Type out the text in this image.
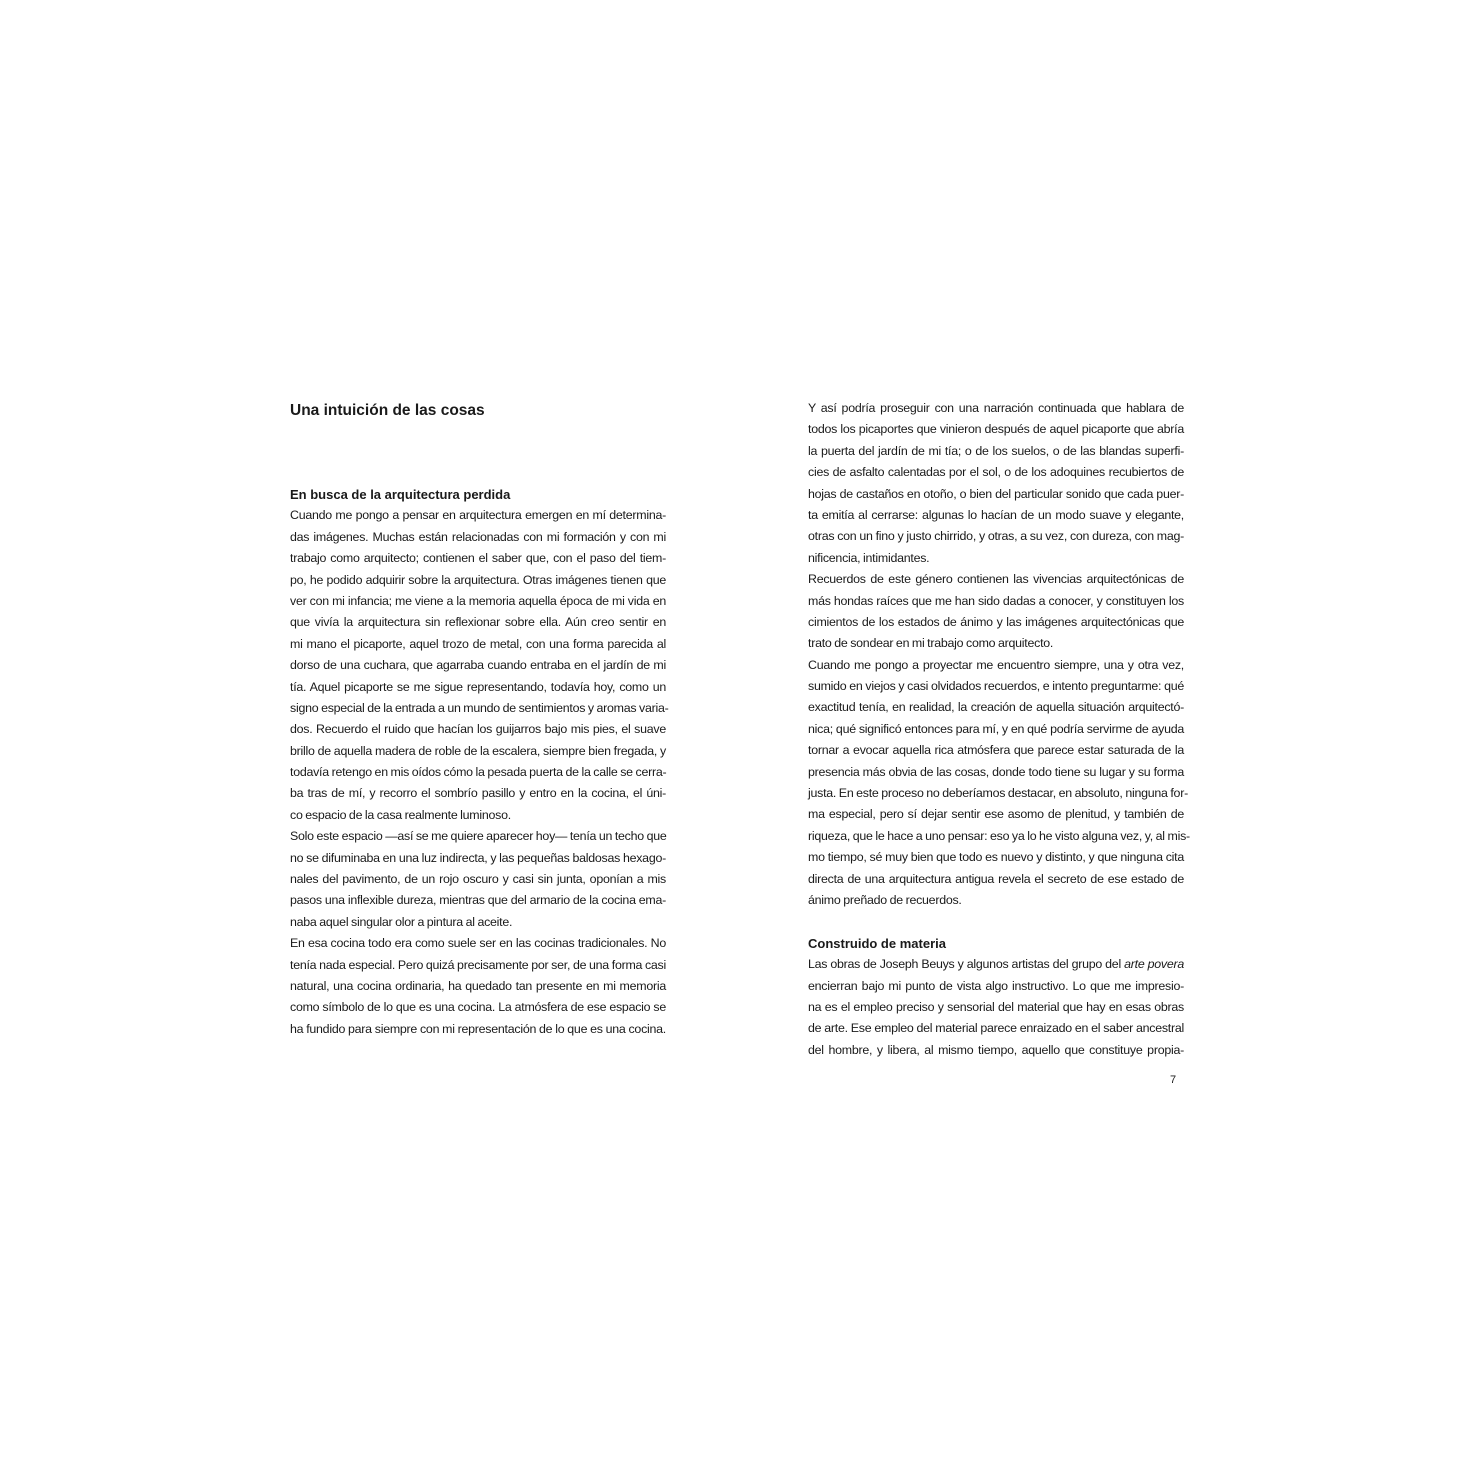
Una intuición de las cosas
En busca de la arquitectura perdida
Cuando me pongo a pensar en arquitectura emergen en mí determina-
das imágenes. Muchas están relacionadas con mi formación y con mi
trabajo como arquitecto; contienen el saber que, con el paso del tiem-
po, he podido adquirir sobre la arquitectura. Otras imágenes tienen que
ver con mi infancia; me viene a la memoria aquella época de mi vida en
que vivía la arquitectura sin reflexionar sobre ella. Aún creo sentir en
mi mano el picaporte, aquel trozo de metal, con una forma parecida al
dorso de una cuchara, que agarraba cuando entraba en el jardín de mi
tía. Aquel picaporte se me sigue representando, todavía hoy, como un
signo especial de la entrada a un mundo de sentimientos y aromas varia-
dos. Recuerdo el ruido que hacían los guijarros bajo mis pies, el suave
brillo de aquella madera de roble de la escalera, siempre bien fregada, y
todavía retengo en mis oídos cómo la pesada puerta de la calle se cerra-
ba tras de mí, y recorro el sombrío pasillo y entro en la cocina, el úni-
co espacio de la casa realmente luminoso.
Solo este espacio —así se me quiere aparecer hoy— tenía un techo que
no se difuminaba en una luz indirecta, y las pequeñas baldosas hexago-
nales del pavimento, de un rojo oscuro y casi sin junta, oponían a mis
pasos una inflexible dureza, mientras que del armario de la cocina ema-
naba aquel singular olor a pintura al aceite.
En esa cocina todo era como suele ser en las cocinas tradicionales. No
tenía nada especial. Pero quizá precisamente por ser, de una forma casi
natural, una cocina ordinaria, ha quedado tan presente en mi memoria
como símbolo de lo que es una cocina. La atmósfera de ese espacio se
ha fundido para siempre con mi representación de lo que es una cocina.
Y así podría proseguir con una narración continuada que hablara de
todos los picaportes que vinieron después de aquel picaporte que abría
la puerta del jardín de mi tía; o de los suelos, o de las blandas superfi-
cies de asfalto calentadas por el sol, o de los adoquines recubiertos de
hojas de castaños en otoño, o bien del particular sonido que cada puer-
ta emitía al cerrarse: algunas lo hacían de un modo suave y elegante,
otras con un fino y justo chirrido, y otras, a su vez, con dureza, con mag-
nificencia, intimidantes.
Recuerdos de este género contienen las vivencias arquitectónicas de
más hondas raíces que me han sido dadas a conocer, y constituyen los
cimientos de los estados de ánimo y las imágenes arquitectónicas que
trato de sondear en mi trabajo como arquitecto.
Cuando me pongo a proyectar me encuentro siempre, una y otra vez,
sumido en viejos y casi olvidados recuerdos, e intento preguntarme: qué
exactitud tenía, en realidad, la creación de aquella situación arquitectó-
nica; qué significó entonces para mí, y en qué podría servirme de ayuda
tornar a evocar aquella rica atmósfera que parece estar saturada de la
presencia más obvia de las cosas, donde todo tiene su lugar y su forma
justa. En este proceso no deberíamos destacar, en absoluto, ninguna for-
ma especial, pero sí dejar sentir ese asomo de plenitud, y también de
riqueza, que le hace a uno pensar: eso ya lo he visto alguna vez, y, al mis-
mo tiempo, sé muy bien que todo es nuevo y distinto, y que ninguna cita
directa de una arquitectura antigua revela el secreto de ese estado de
ánimo preñado de recuerdos.
Construido de materia
Las obras de Joseph Beuys y algunos artistas del grupo del arte povera
encierran bajo mi punto de vista algo instructivo. Lo que me impresio-
na es el empleo preciso y sensorial del material que hay en esas obras
de arte. Ese empleo del material parece enraizado en el saber ancestral
del hombre, y libera, al mismo tiempo, aquello que constituye propia-
7
